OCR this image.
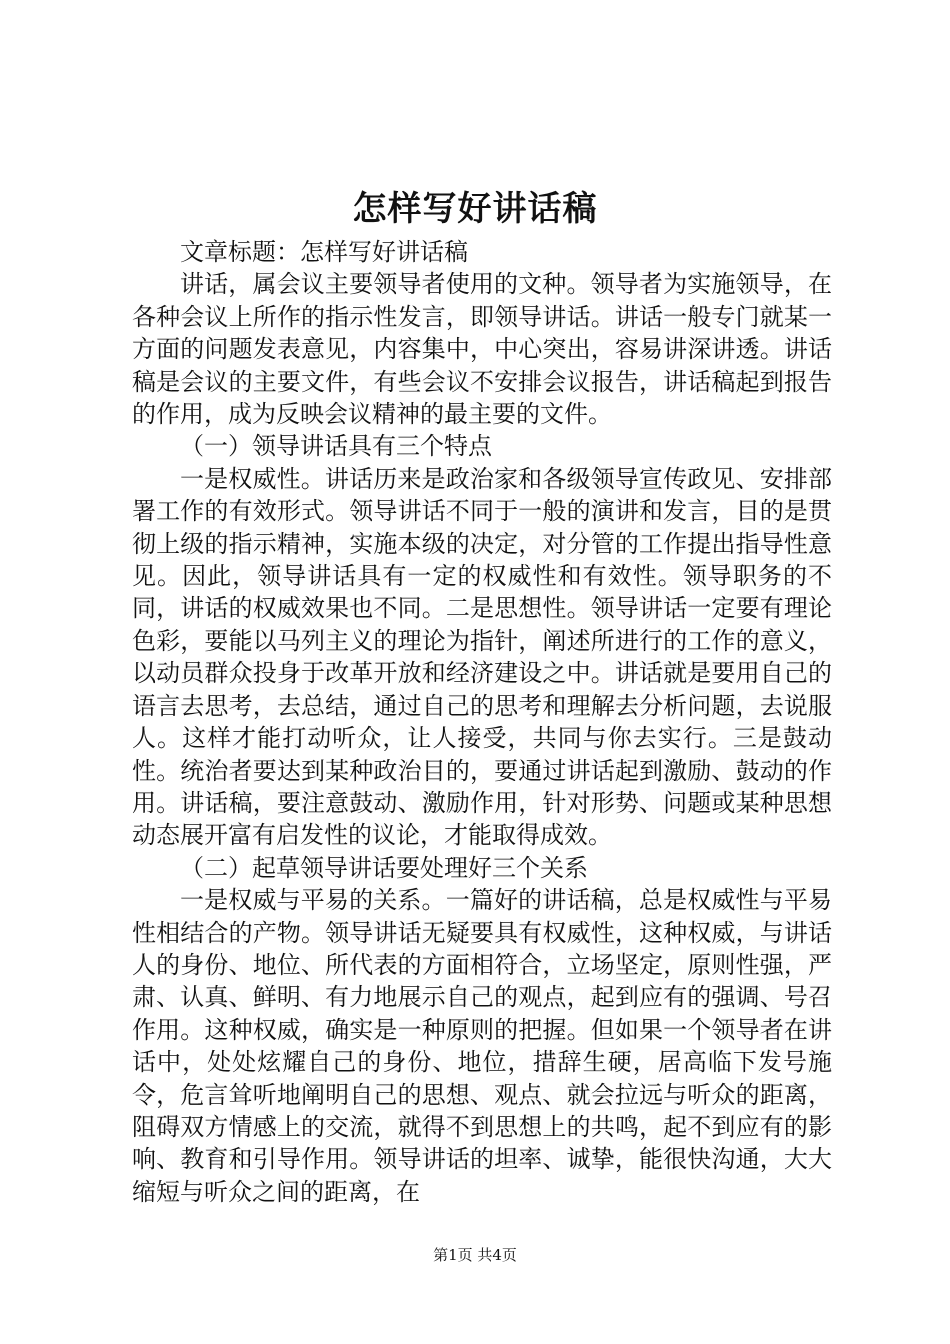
怎样写好讲话稿

文章标题：怎样写好讲话稿

讲话，属会议主要领导者使用的文种。领导者为实施领导，在各种会议上所作的指示性发言，即领导讲话。讲话一般专门就某一方面的问题发表意见，内容集中，中心突出，容易讲深讲透。讲话稿是会议的主要文件，有些会议不安排会议报告，讲话稿起到报告的作用，成为反映会议精神的最主要的文件。

（一）领导讲话具有三个特点

一是权威性。讲话历来是政治家和各级领导宣传政见、安排部署工作的有效形式。领导讲话不同于一般的演讲和发言，目的是贯彻上级的指示精神，实施本级的决定，对分管的工作提出指导性意见。因此，领导讲话具有一定的权威性和有效性。领导职务的不同，讲话的权威效果也不同。二是思想性。领导讲话一定要有理论色彩，要能以马列主义的理论为指针，阐述所进行的工作的意义，以动员群众投身于改革开放和经济建设之中。讲话就是要用自己的语言去思考，去总结，通过自己的思考和理解去分析问题，去说服人。这样才能打动听众，让人接受，共同与你去实行。三是鼓动性。统治者要达到某种政治目的，要通过讲话起到激励、鼓动的作用。讲话稿，要注意鼓动、激励作用，针对形势、问题或某种思想动态展开富有启发性的议论，才能取得成效。

（二）起草领导讲话要处理好三个关系

一是权威与平易的关系。一篇好的讲话稿，总是权威性与平易性相结合的产物。领导讲话无疑要具有权威性，这种权威，与讲话人的身份、地位、所代表的方面相符合，立场坚定，原则性强，严肃、认真、鲜明、有力地展示自己的观点，起到应有的强调、号召作用。这种权威，确实是一种原则的把握。但如果一个领导者在讲话中，处处炫耀自己的身份、地位，措辞生硬，居高临下发号施令，危言耸听地阐明自己的思想、观点、就会拉远与听众的距离，阻碍双方情感上的交流，就得不到思想上的共鸣，起不到应有的影响、教育和引导作用。领导讲话的坦率、诚挚，能很快沟通，大大缩短与听众之间的距离，在

第1页 共4页
